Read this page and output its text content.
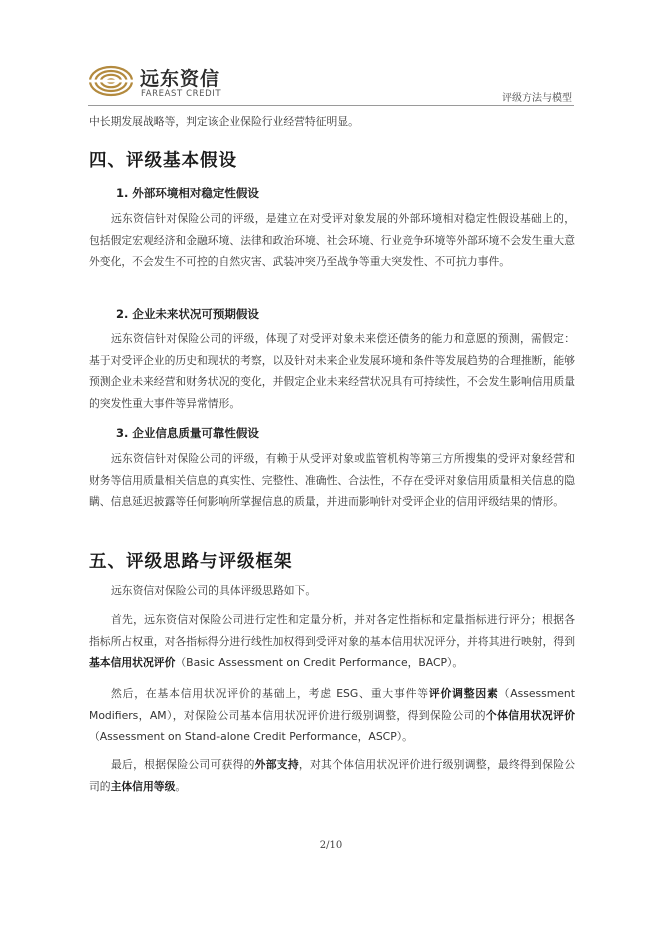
远东资信
FAREAST CREDIT	评级方法与模型

中长期发展战略等，判定该企业保险行业经营特征明显。

四、评级基本假设
1. 外部环境相对稳定性假设

远东资信针对保险公司的评级，是建立在对受评对象发展的外部环境相对稳定性假设基础上的，包括假定宏观经济和金融环境、法律和政治环境、社会环境、行业竞争环境等外部环境不会发生重大意外变化，不会发生不可控的自然灾害、武装冲突乃至战争等重大突发性、不可抗力事件。

2. 企业未来状况可预期假设

远东资信针对保险公司的评级，体现了对受评对象未来偿还债务的能力和意愿的预测，需假定：基于对受评企业的历史和现状的考察，以及针对未来企业发展环境和条件等发展趋势的合理推断，能够预测企业未来经营和财务状况的变化，并假定企业未来经营状况具有可持续性，不会发生影响信用质量的突发性重大事件等异常情形。

3. 企业信息质量可靠性假设

远东资信针对保险公司的评级，有赖于从受评对象或监管机构等第三方所搜集的受评对象经营和财务等信用质量相关信息的真实性、完整性、准确性、合法性，不存在受评对象信用质量相关信息的隐瞒、信息延迟披露等任何影响所掌握信息的质量，并进而影响针对受评企业的信用评级结果的情形。

五、评级思路与评级框架

远东资信对保险公司的具体评级思路如下。

首先，远东资信对保险公司进行定性和定量分析，并对各定性指标和定量指标进行评分；根据各指标所占权重，对各指标得分进行线性加权得到受评对象的基本信用状况评分，并将其进行映射，得到基本信用状况评价（Basic Assessment on Credit Performance，BACP）。

然后，在基本信用状况评价的基础上，考虑 ESG、重大事件等评价调整因素（Assessment Modifiers，AM），对保险公司基本信用状况评价进行级别调整，得到保险公司的个体信用状况评价（Assessment on Stand-alone Credit Performance，ASCP）。

最后，根据保险公司可获得的外部支持，对其个体信用状况评价进行级别调整，最终得到保险公司的主体信用等级。

2/10
